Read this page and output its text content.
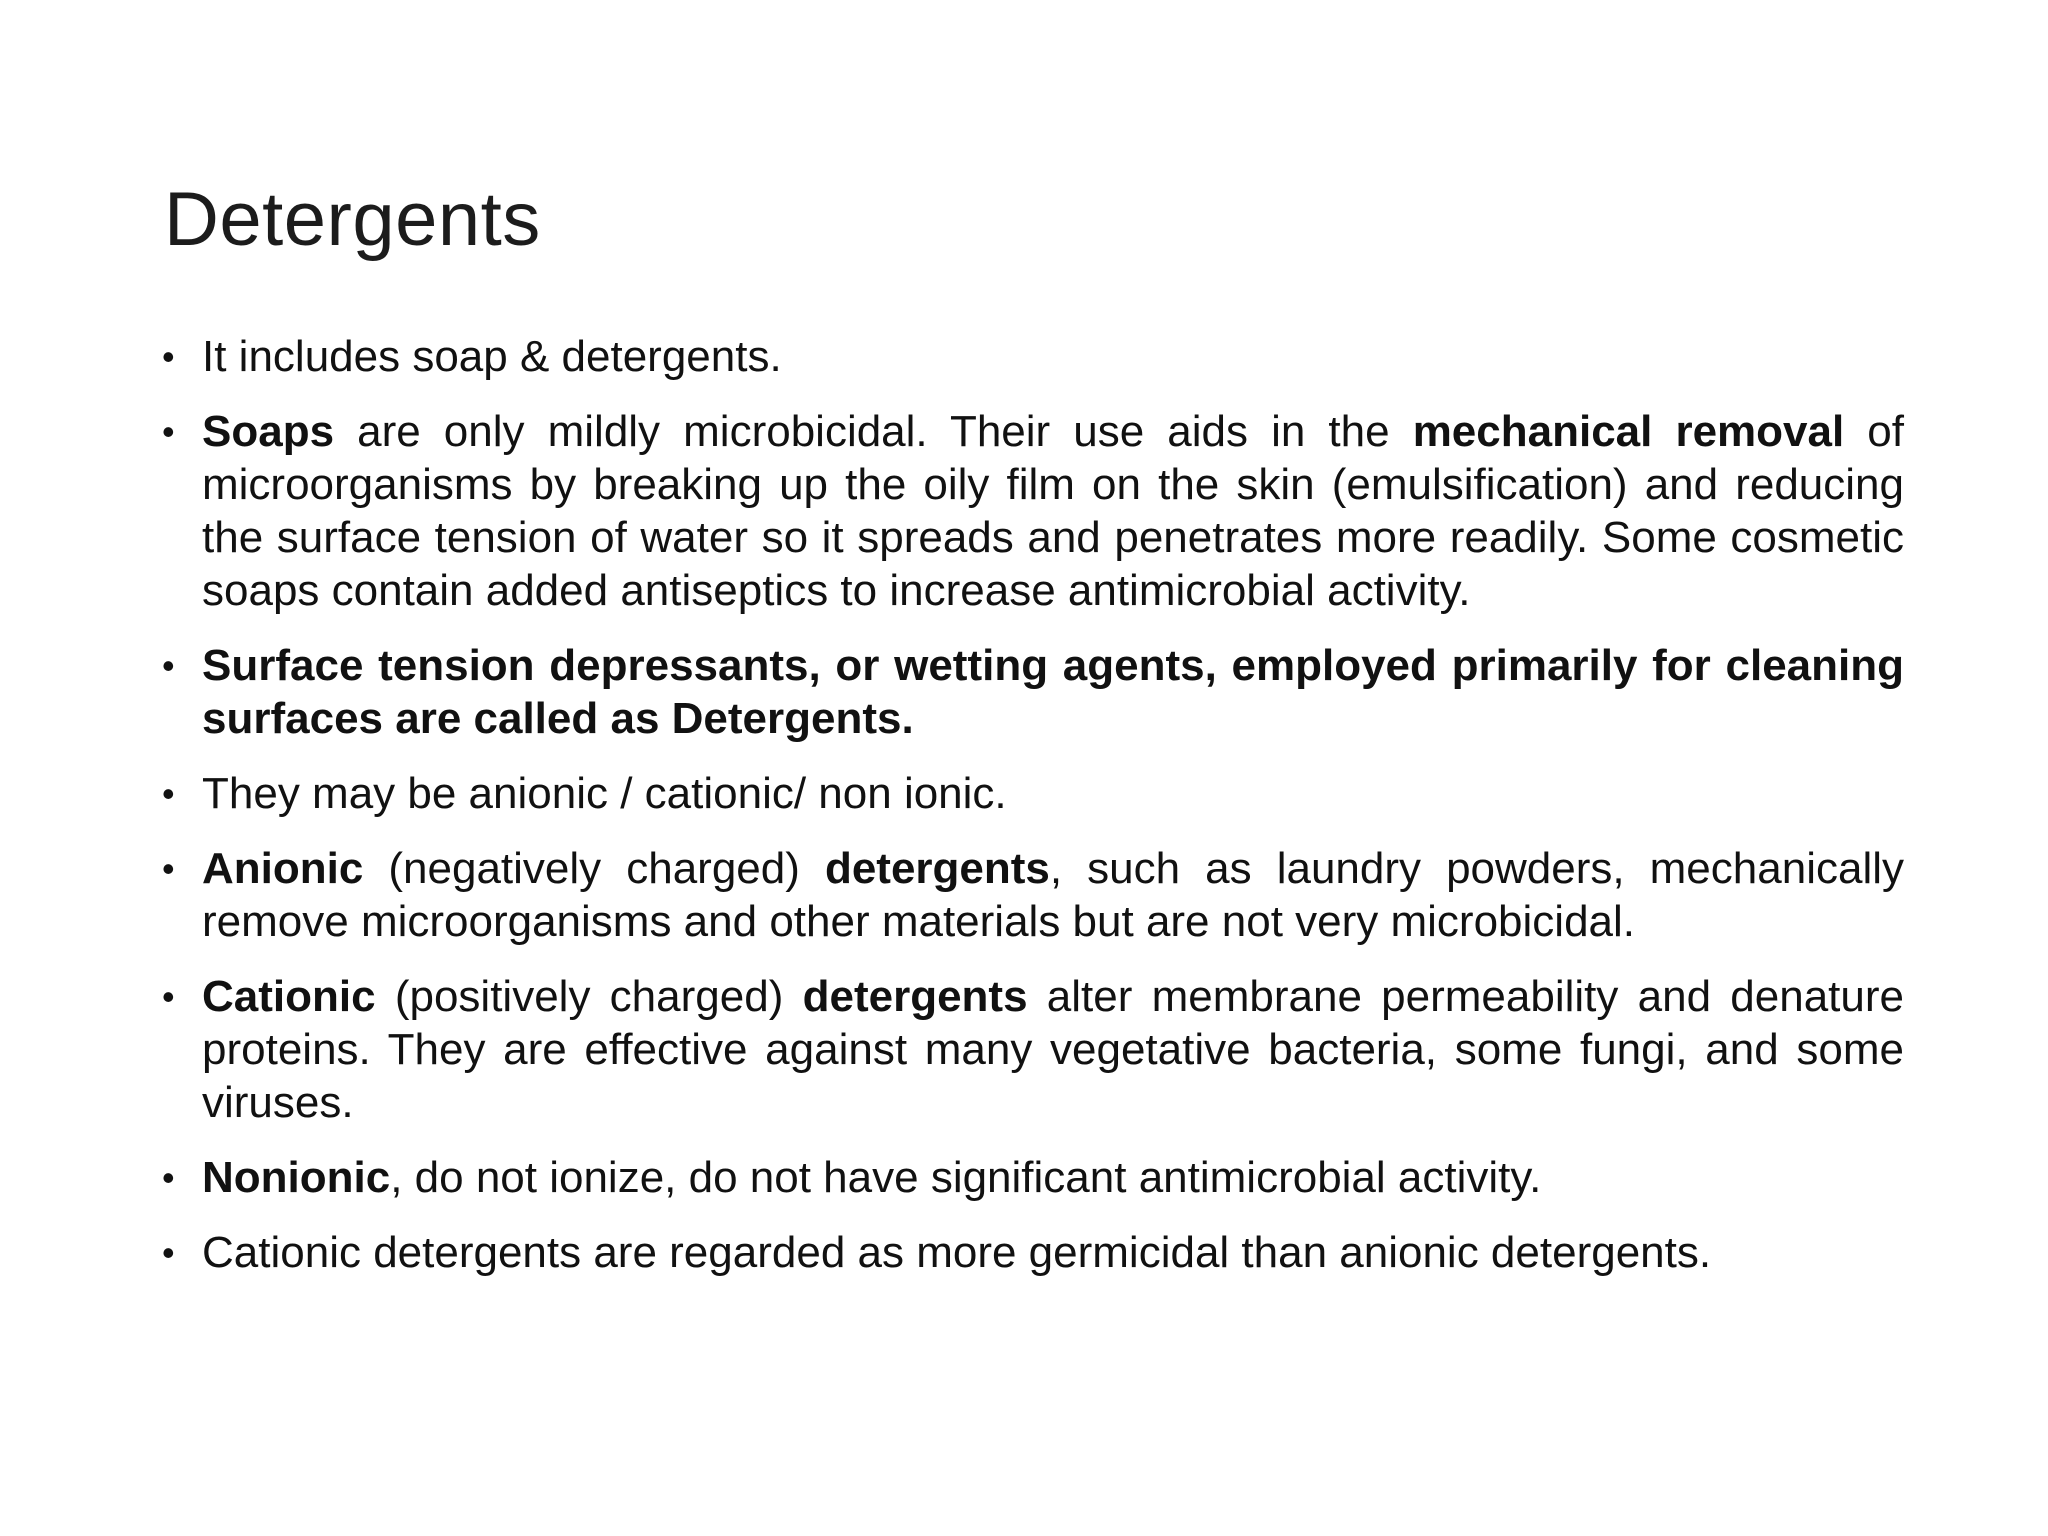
Detergents
• It includes soap & detergents.
• Soaps are only mildly microbicidal. Their use aids in the mechanical removal of microorganisms by breaking up the oily film on the skin (emulsification) and reducing the surface tension of water so it spreads and penetrates more readily. Some cosmetic soaps contain added antiseptics to increase antimicrobial activity.
• Surface tension depressants, or wetting agents, employed primarily for cleaning surfaces are called as Detergents.
• They may be anionic / cationic/ non ionic.
• Anionic (negatively charged) detergents, such as laundry powders, mechanically remove microorganisms and other materials but are not very microbicidal.
• Cationic (positively charged) detergents alter membrane permeability and denature proteins. They are effective against many vegetative bacteria, some fungi, and some viruses.
• Nonionic, do not ionize, do not have significant antimicrobial activity.
• Cationic detergents are regarded as more germicidal than anionic detergents.
